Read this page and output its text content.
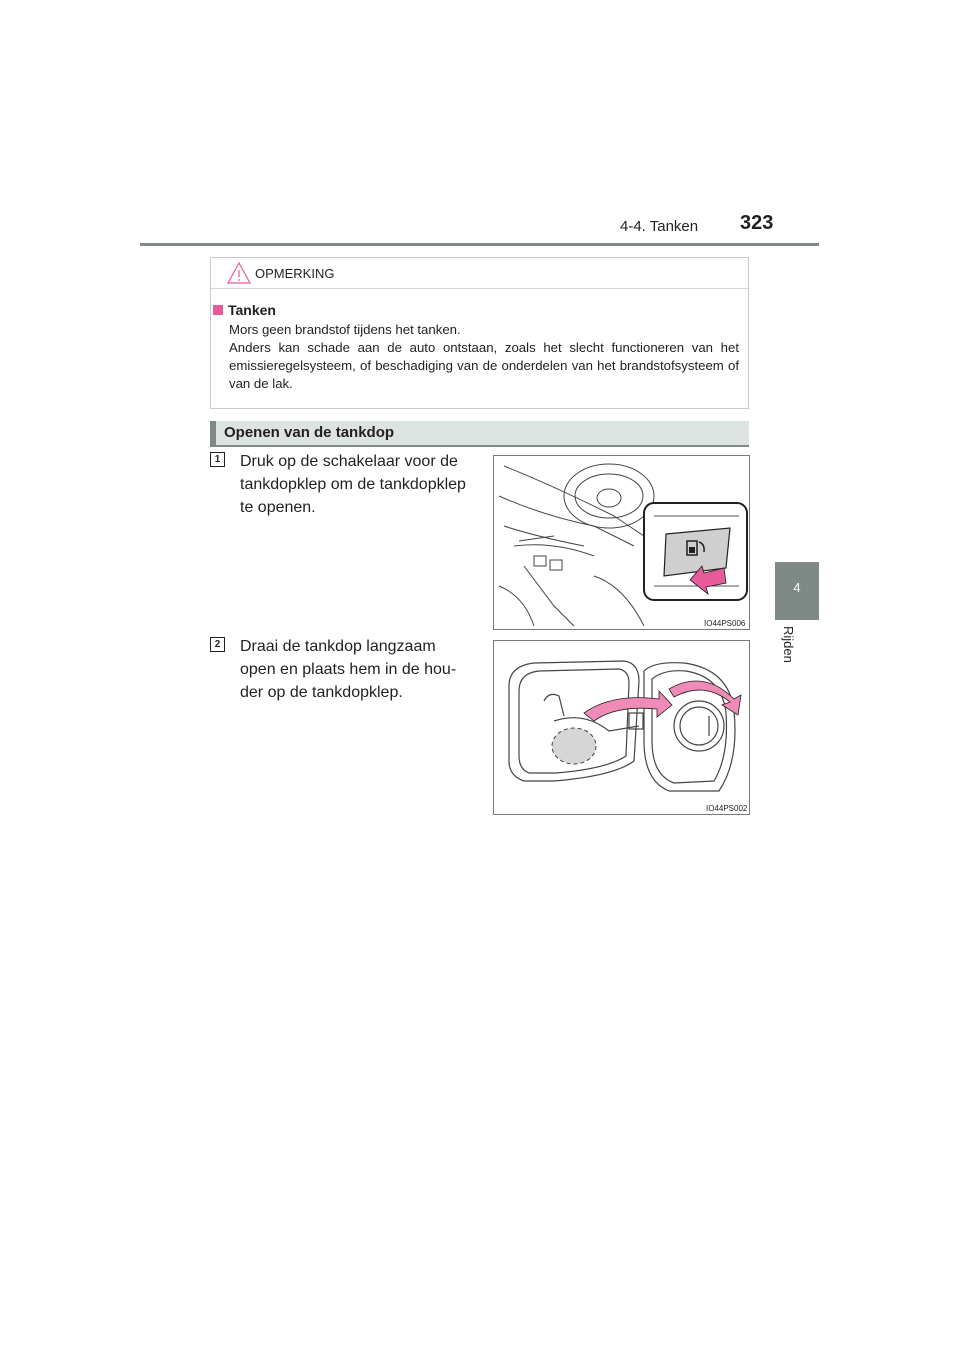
4-4. Tanken 323
4
Rijden
OPMERKING
Tanken

Mors geen brandstof tijdens het tanken.

Anders kan schade aan de auto ontstaan, zoals het slecht functioneren van het emissieregelsysteem, of beschadiging van de onderdelen van het brandstofsysteem of van de lak.

Openen van de tankdop
1 Druk op de schakelaar voor de
tankdopklep om de tankdopklep
te openen.
IO44PS006
2 Draai de tankdop langzaam
open en plaats hem in de hou-
der op de tankdopklep.
IO44PS002
